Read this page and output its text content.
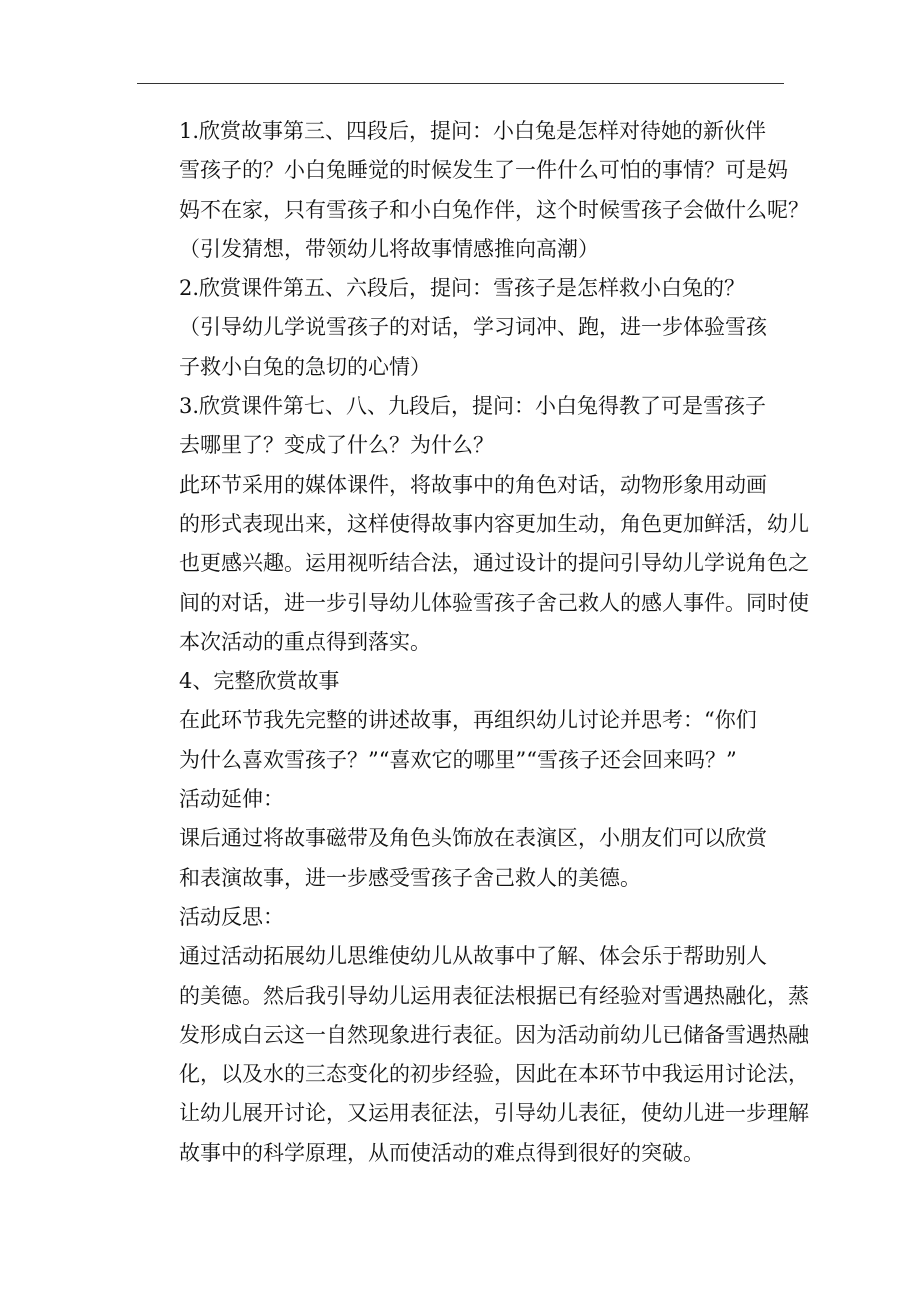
1.欣赏故事第三、四段后，提问：小白兔是怎样对待她的新伙伴
雪孩子的？小白兔睡觉的时候发生了一件什么可怕的事情？可是妈
妈不在家，只有雪孩子和小白兔作伴，这个时候雪孩子会做什么呢？
（引发猜想，带领幼儿将故事情感推向高潮）

2.欣赏课件第五、六段后，提问：雪孩子是怎样救小白兔的？

（引导幼儿学说雪孩子的对话，学习词冲、跑，进一步体验雪孩
子救小白兔的急切的心情）

3.欣赏课件第七、八、九段后，提问：小白兔得教了可是雪孩子
去哪里了？变成了什么？为什么？

此环节采用的媒体课件，将故事中的角色对话，动物形象用动画
的形式表现出来，这样使得故事内容更加生动，角色更加鲜活，幼儿
也更感兴趣。运用视听结合法，通过设计的提问引导幼儿学说角色之
间的对话，进一步引导幼儿体验雪孩子舍己救人的感人事件。同时使
本次活动的重点得到落实。

4、完整欣赏故事

在此环节我先完整的讲述故事，再组织幼儿讨论并思考：“你们
为什么喜欢雪孩子？”“喜欢它的哪里”“雪孩子还会回来吗？”

活动延伸：

课后通过将故事磁带及角色头饰放在表演区，小朋友们可以欣赏
和表演故事，进一步感受雪孩子舍己救人的美德。

活动反思：

通过活动拓展幼儿思维使幼儿从故事中了解、体会乐于帮助别人
的美德。然后我引导幼儿运用表征法根据已有经验对雪遇热融化，蒸
发形成白云这一自然现象进行表征。因为活动前幼儿已储备雪遇热融
化，以及水的三态变化的初步经验，因此在本环节中我运用讨论法，
让幼儿展开讨论，又运用表征法，引导幼儿表征，使幼儿进一步理解
故事中的科学原理，从而使活动的难点得到很好的突破。
